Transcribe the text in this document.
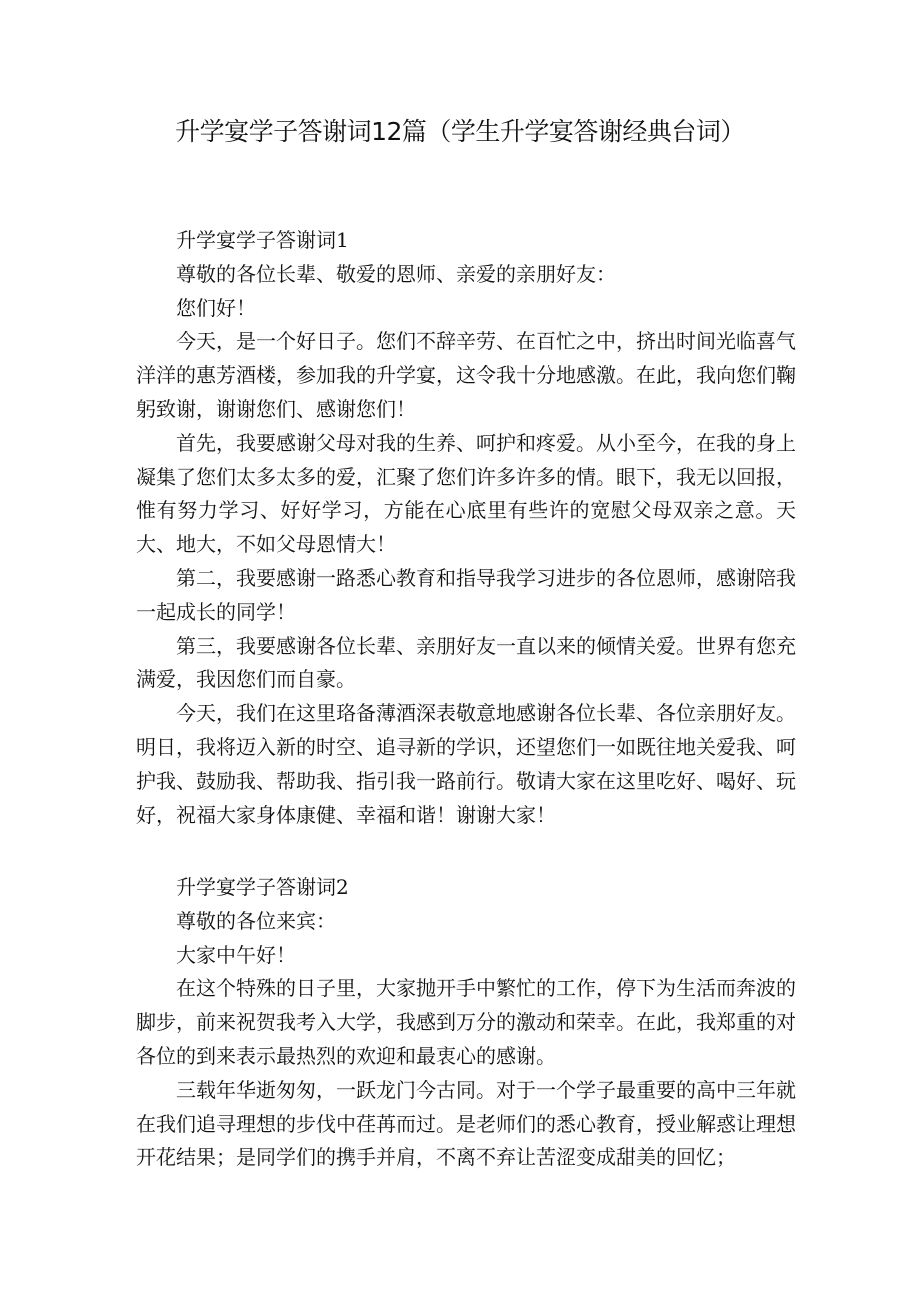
升学宴学子答谢词12篇（学生升学宴答谢经典台词）

升学宴学子答谢词1

尊敬的各位长辈、敬爱的恩师、亲爱的亲朋好友：

您们好！

今天，是一个好日子。您们不辞辛劳、在百忙之中，挤出时间光临喜气洋洋的惠芳酒楼，参加我的升学宴，这令我十分地感激。在此，我向您们鞠躬致谢，谢谢您们、感谢您们！

首先，我要感谢父母对我的生养、呵护和疼爱。从小至今，在我的身上凝集了您们太多太多的爱，汇聚了您们许多许多的情。眼下，我无以回报，惟有努力学习、好好学习，方能在心底里有些许的宽慰父母双亲之意。天大、地大，不如父母恩情大！

第二，我要感谢一路悉心教育和指导我学习进步的各位恩师，感谢陪我一起成长的同学！

第三，我要感谢各位长辈、亲朋好友一直以来的倾情关爱。世界有您充满爱，我因您们而自豪。

今天，我们在这里珞备薄酒深表敬意地感谢各位长辈、各位亲朋好友。明日，我将迈入新的时空、追寻新的学识，还望您们一如既往地关爱我、呵护我、鼓励我、帮助我、指引我一路前行。敬请大家在这里吃好、喝好、玩好，祝福大家身体康健、幸福和谐！谢谢大家！

升学宴学子答谢词2

尊敬的各位来宾：

大家中午好！

在这个特殊的日子里，大家抛开手中繁忙的工作，停下为生活而奔波的脚步，前来祝贺我考入大学，我感到万分的激动和荣幸。在此，我郑重的对各位的到来表示最热烈的欢迎和最衷心的感谢。

三载年华逝匆匆，一跃龙门今古同。对于一个学子最重要的高中三年就在我们追寻理想的步伐中荏苒而过。是老师们的悉心教育，授业解惑让理想开花结果；是同学们的携手并肩，不离不弃让苦涩变成甜美的回忆；
